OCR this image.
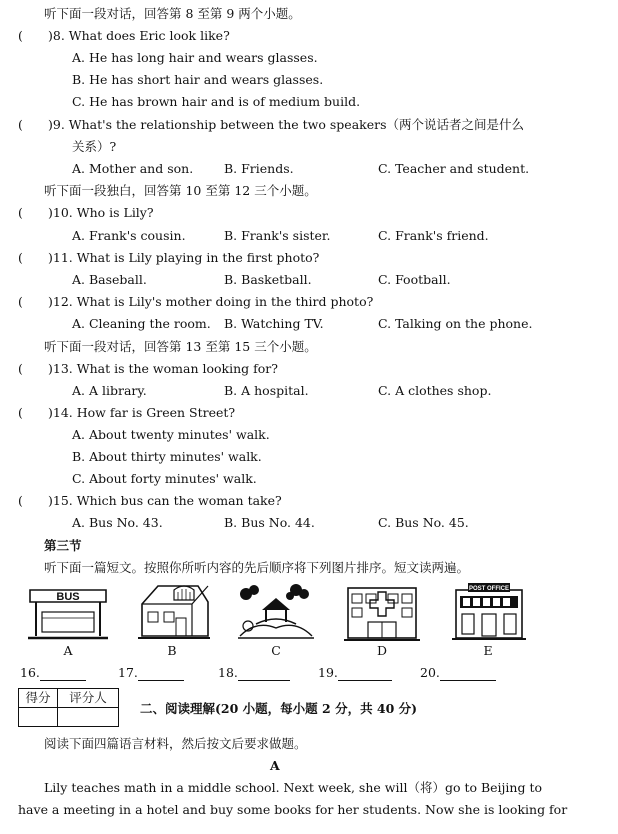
听下面一段对话，回答第 8 至第 9 两个小题。
( )8. What does Eric look like?
A. He has long hair and wears glasses.
B. He has short hair and wears glasses.
C. He has brown hair and is of medium build.
( )9. What's the relationship between the two speakers（两个说话者之间是什么
关系）?
A. Mother and son. B. Friends.	C. Teacher and student.
听下面一段独白，回答第 10 至第 12 三个小题。
( )10. Who is Lily?
A. Frank's cousin.	B. Frank's sister.	C. Frank's friend.
( )11. What is Lily playing in the first photo?
A. Baseball.	B. Basketball.	C. Football.
( )12. What is Lily's mother doing in the third photo?
A. Cleaning the room. B. Watching TV.	C. Talking on the phone.
听下面一段对话，回答第 13 至第 15 三个小题。
( )13. What is the woman looking for?
A. A library.	B. A hospital.	C. A clothes shop.
( )14. How far is Green Street?
A. About twenty minutes' walk.
B. About thirty minutes' walk.
C. About forty minutes' walk.
( )15. Which bus can the woman take?
A. Bus No. 43.	B. Bus No. 44.	C. Bus No. 45.
第三节
听下面一篇短文。按照你所听内容的先后顺序将下列图片排序。短文读两遍。
BUS
POST OFFICE
A	B	C	D	E
16.	17.	18.	19.	20.
得分	评分人

二、阅读理解(20 小题，每小题 2 分，共 40 分)
阅读下面四篇语言材料，然后按文后要求做题。
A
Lily teaches math in a middle school. Next week, she will（将）go to Beijing to
have a meeting in a hotel and buy some books for her students. Now she is looking for
